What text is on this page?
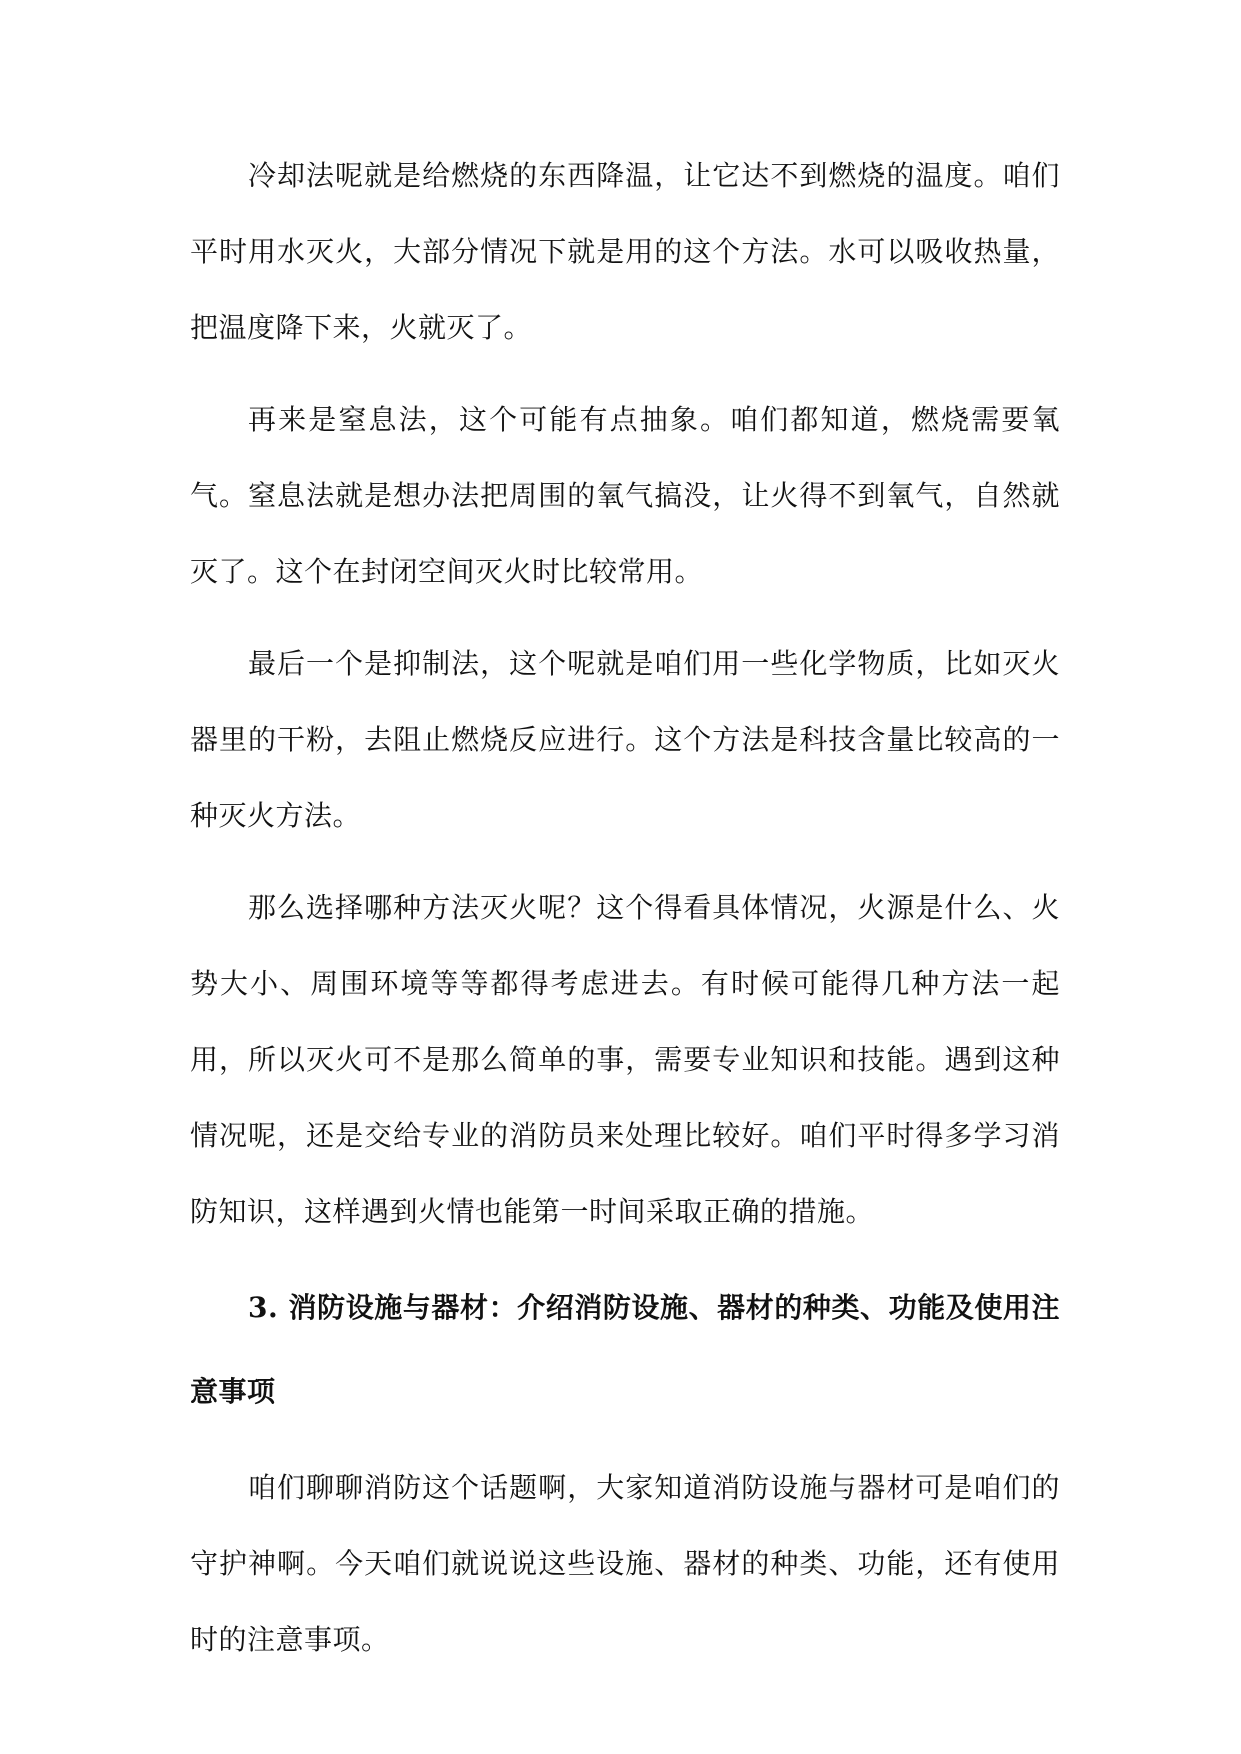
冷却法呢就是给燃烧的东西降温，让它达不到燃烧的温度。咱们平时用水灭火，大部分情况下就是用的这个方法。水可以吸收热量，把温度降下来，火就灭了。

再来是窒息法，这个可能有点抽象。咱们都知道，燃烧需要氧气。窒息法就是想办法把周围的氧气搞没，让火得不到氧气，自然就灭了。这个在封闭空间灭火时比较常用。

最后一个是抑制法，这个呢就是咱们用一些化学物质，比如灭火器里的干粉，去阻止燃烧反应进行。这个方法是科技含量比较高的一种灭火方法。

那么选择哪种方法灭火呢？这个得看具体情况，火源是什么、火势大小、周围环境等等都得考虑进去。有时候可能得几种方法一起用，所以灭火可不是那么简单的事，需要专业知识和技能。遇到这种情况呢，还是交给专业的消防员来处理比较好。咱们平时得多学习消防知识，这样遇到火情也能第一时间采取正确的措施。

3. 消防设施与器材：介绍消防设施、器材的种类、功能及使用注意事项

咱们聊聊消防这个话题啊，大家知道消防设施与器材可是咱们的守护神啊。今天咱们就说说这些设施、器材的种类、功能，还有使用时的注意事项。
